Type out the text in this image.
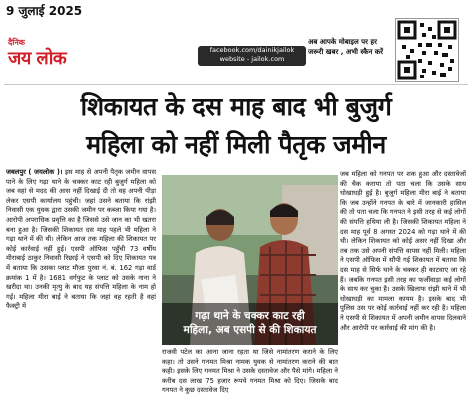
9 जुलाई 2025
दैनिक
जय लोक	facebook.com/dainikjailok
website - jailok.com
अब आपके मोबाइल पर हर
जरूरी खबर , अभी स्कैन करें
शिकायत के दस माह बाद भी बुजुर्ग
महिला को नहीं मिली पैतृक जमीन
जबलपुर ( जयलोक )। इस माह से अपनी पैतृक जमीन वापस पाने के लिए गढ़ा थाने के चक्कर काट रही बुजुर्ग महिला को जब वहां से मदद की आस नहीं दिखाई दी तो वह अपनी पीड़ा लेकर एसपी कार्यालय पहुंची। जहां उसने बताया कि रांझी निवासी एक युवक द्वारा उसकी जमीन पर कब्जा किया गया है। आरोपी अपराधिक प्रवृत्ति का है जिससे उसे जान का भी खतरा बना हुआ है। जिसकी शिकायत दस माह पहले भी महिला ने गढ़ा थाने में की थी। लेकिन आज तक महिला की शिकायत पर कोई कार्रवाई नहीं हुई। एसपी ऑफिस पहुँची 73 वर्षीय मीराबाई ठाकुर निवासी रिछाई ने एसपी को दिए शिकायत पत्र में बताया कि उसका प्लाट मौजा पुरवा नं. बं. 162 गढ़ा वार्ड क्रमांक 1 में है। 1681 वर्गफुट के प्लाट को उसके नाना ने खरीदा था। उनकी मृत्यु के बाद यह संपत्ति महिला के नाम हो गई। महिला मीरा बाई ने बताया कि जहां वह रहती है वहां फैक्ट्री में
गढ़ा थाने के चक्कर काट रही
महिला, अब एसपी से की शिकायत
राजवी पटेल का आना जाना रहता था जिसे नामांतरण कराने के लिए कहा। तो उसने गनमत मिश्रा नामक युवक से नामांतरण कराने की बात कही। इसके लिए गनमत मिश्रा ने उसके दस्तावेज और पैसे मांगे। महिला ने करीब दस लाख 75 हजार रूपये गनमत मिश्रा को दिए। जिसके बाद गनपत ने कुछ दस्तावेज दिए
जब महिला को गनपत पर शक हुआ और दस्तावेजों की चैक कराया तो पता चला कि उसके साथ धोखाधड़ी हुई है। बुजुर्ग महिला मीरा बाई ने बताया कि जब उन्होंने गनपत के बारे में जानकारी हासिल की तो पता चला कि गनपत ने इसी तरह से कई लोगों की संपत्ति हथिया ली है। जिसकी शिकायत महिला ने दस माह पूर्व 8 अगस्त 2024 को गढ़ा थाने में की थी। लेकिन शिकायत को कोई असर नहीं दिखा और तब तक उसे अपनी संपत्ति वापस नहीं मिली। महिला ने एसपी ऑफिस में सौंपी गई शिकायत में बताया कि दस माह से सिर्फ थाने के चक्कर ही काटवाए जा रहे हैं। जबकि गनपत इसी तरह का फर्जीवाड़ा कई लोगों के साथ कर चुका है। उसके खिलाफ रांझी थाने में भी धोखाधड़ी का मामला कायम है। इसके बाद भी पुलिस उस पर कोई कार्रवाई नहीं कर रही है। महिला ने एसपी से शिकायत में अपनी जमीन वापस दिलवाने और आरोपी पर कार्रवाई की मांग की है।
